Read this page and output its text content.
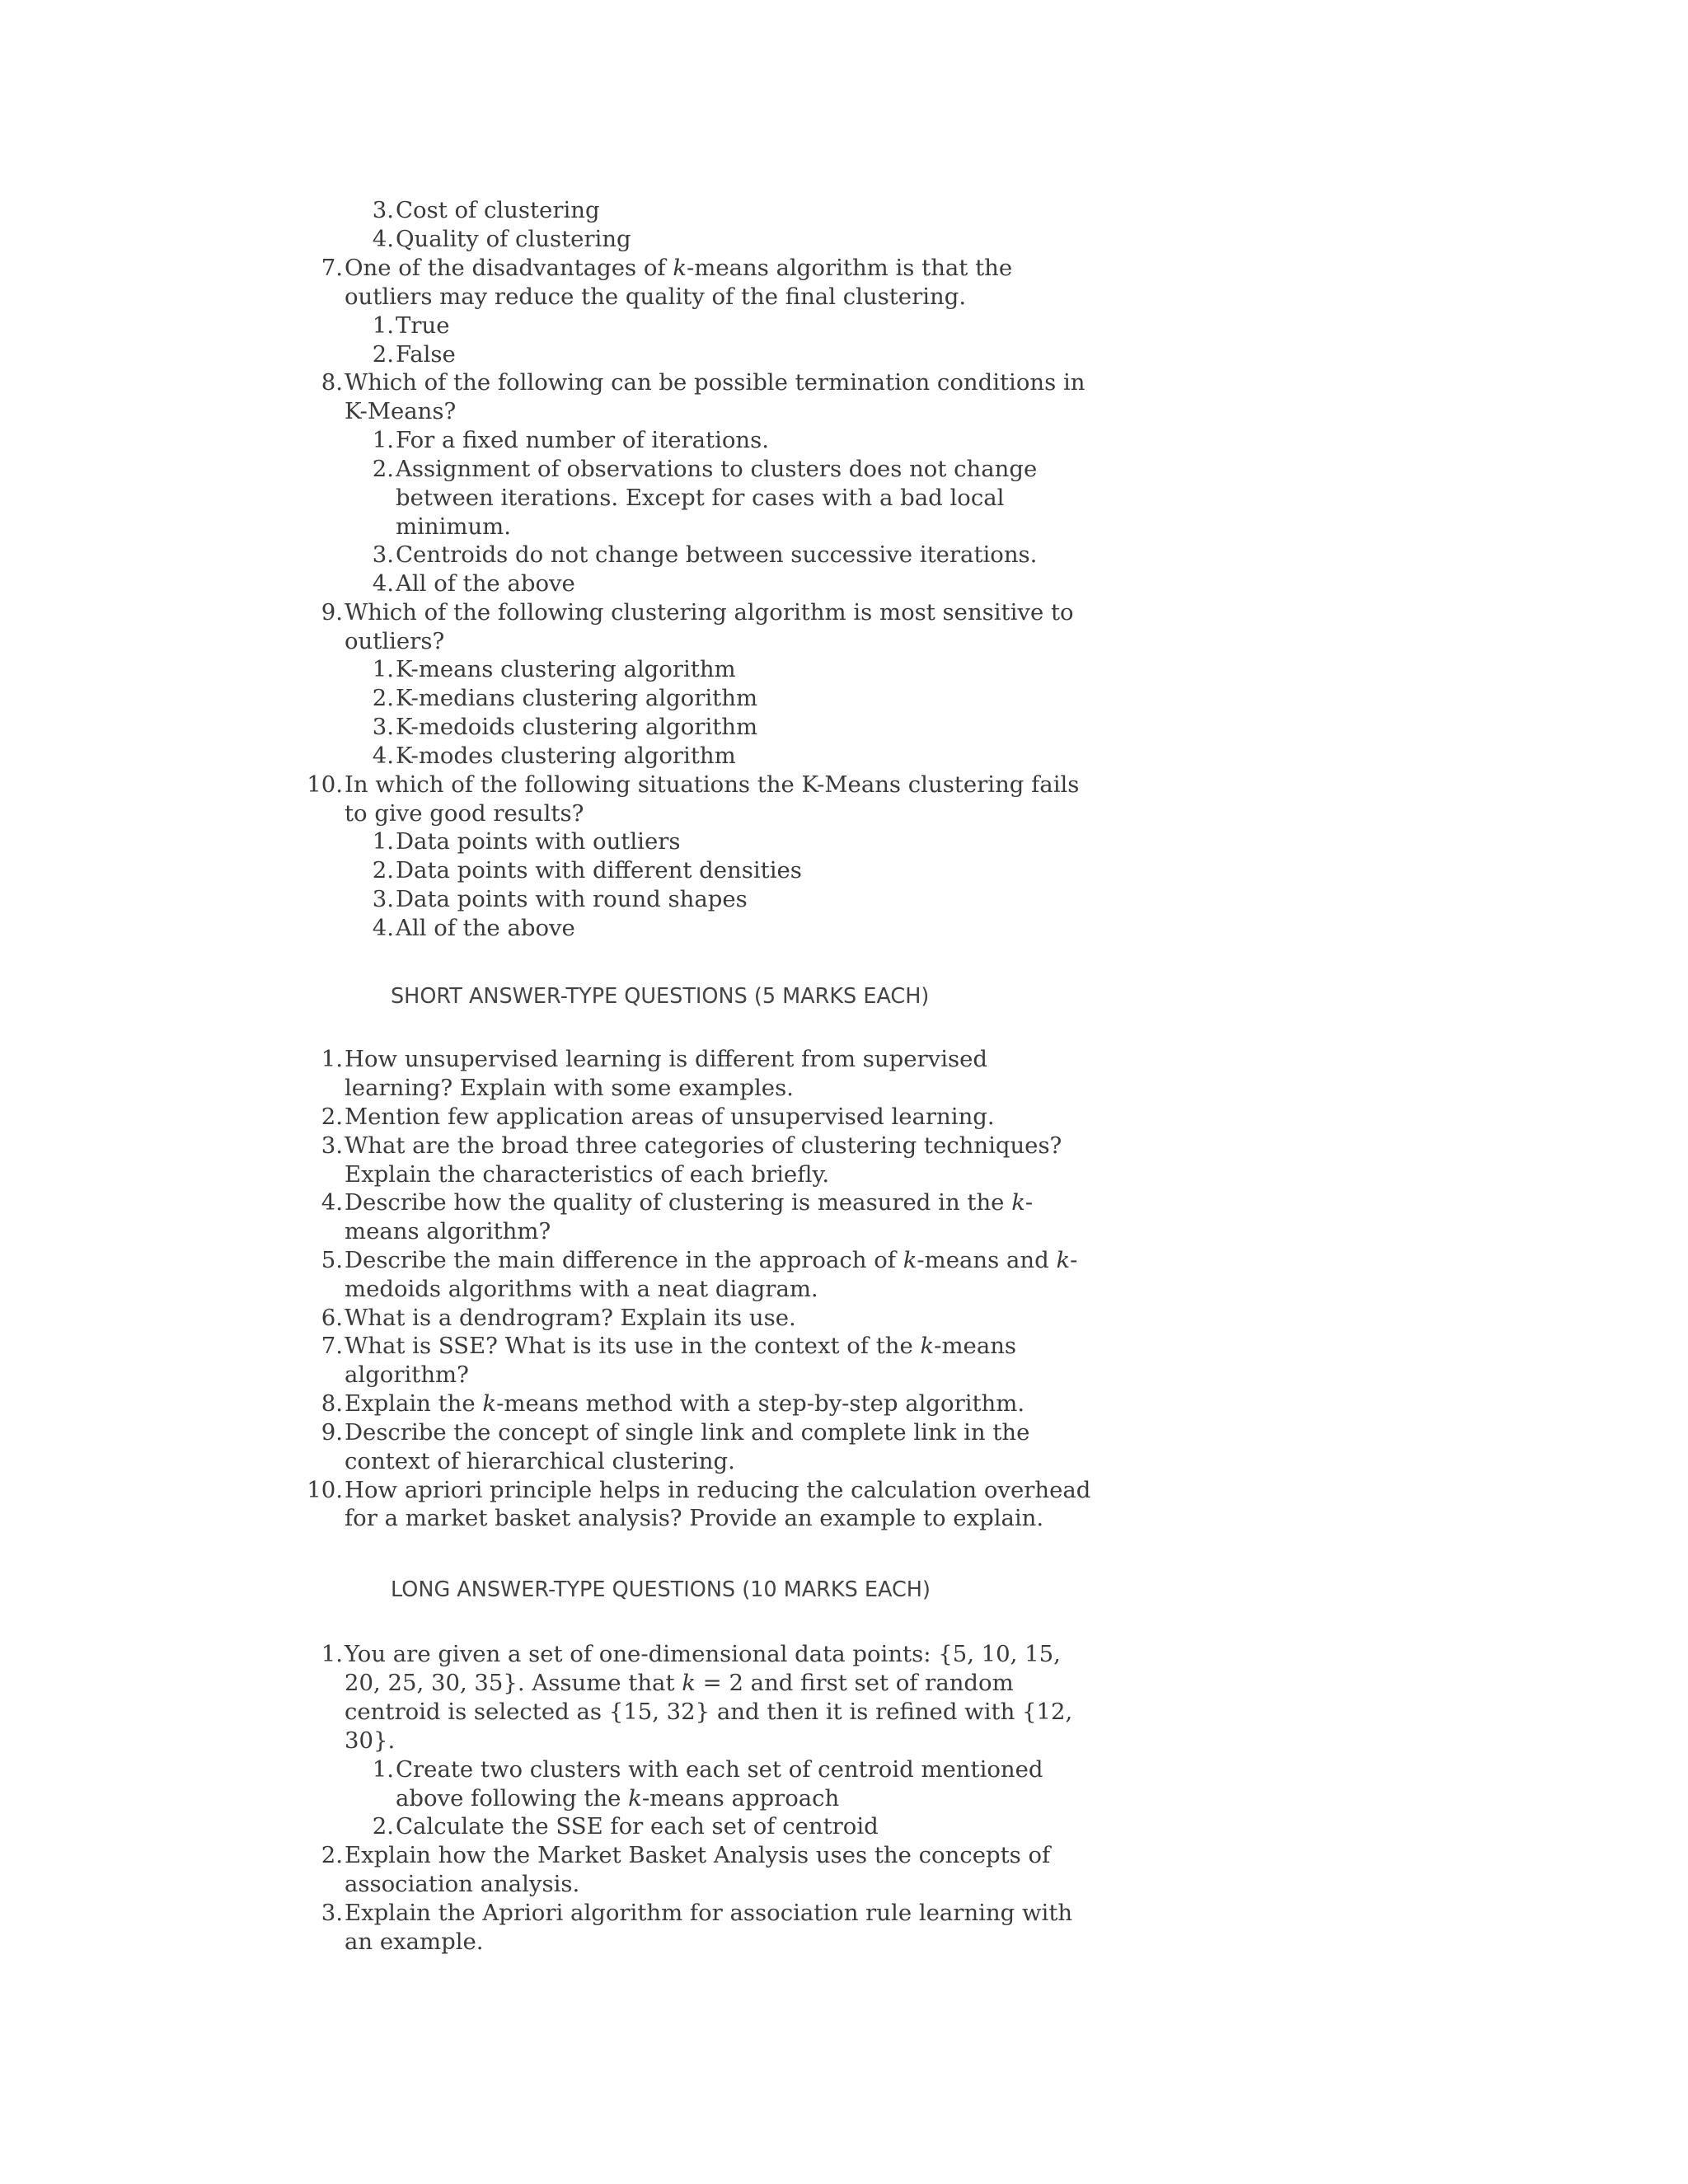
3. Cost of clustering
4. Quality of clustering
7. One of the disadvantages of k-means algorithm is that the
outliers may reduce the quality of the final clustering.
1. True
2. False
8. Which of the following can be possible termination conditions in
K-Means?
1. For a fixed number of iterations.
2. Assignment of observations to clusters does not change
between iterations. Except for cases with a bad local
minimum.
3. Centroids do not change between successive iterations.
4. All of the above
9. Which of the following clustering algorithm is most sensitive to
outliers?
1. K-means clustering algorithm
2. K-medians clustering algorithm
3. K-medoids clustering algorithm
4. K-modes clustering algorithm
10. In which of the following situations the K-Means clustering fails
to give good results?
1. Data points with outliers
2. Data points with different densities
3. Data points with round shapes
4. All of the above
SHORT ANSWER-TYPE QUESTIONS (5 MARKS EACH)
1. How unsupervised learning is different from supervised
learning? Explain with some examples.
2. Mention few application areas of unsupervised learning.
3. What are the broad three categories of clustering techniques?
Explain the characteristics of each briefly.
4. Describe how the quality of clustering is measured in the k-
means algorithm?
5. Describe the main difference in the approach of k-means and k-
medoids algorithms with a neat diagram.
6. What is a dendrogram? Explain its use.
7. What is SSE? What is its use in the context of the k-means
algorithm?
8. Explain the k-means method with a step-by-step algorithm.
9. Describe the concept of single link and complete link in the
context of hierarchical clustering.
10. How apriori principle helps in reducing the calculation overhead
for a market basket analysis? Provide an example to explain.
LONG ANSWER-TYPE QUESTIONS (10 MARKS EACH)
1. You are given a set of one-dimensional data points: {5, 10, 15,
20, 25, 30, 35}. Assume that k = 2 and first set of random
centroid is selected as {15, 32} and then it is refined with {12,
30}.
1. Create two clusters with each set of centroid mentioned
above following the k-means approach
2. Calculate the SSE for each set of centroid
2. Explain how the Market Basket Analysis uses the concepts of
association analysis.
3. Explain the Apriori algorithm for association rule learning with
an example.
